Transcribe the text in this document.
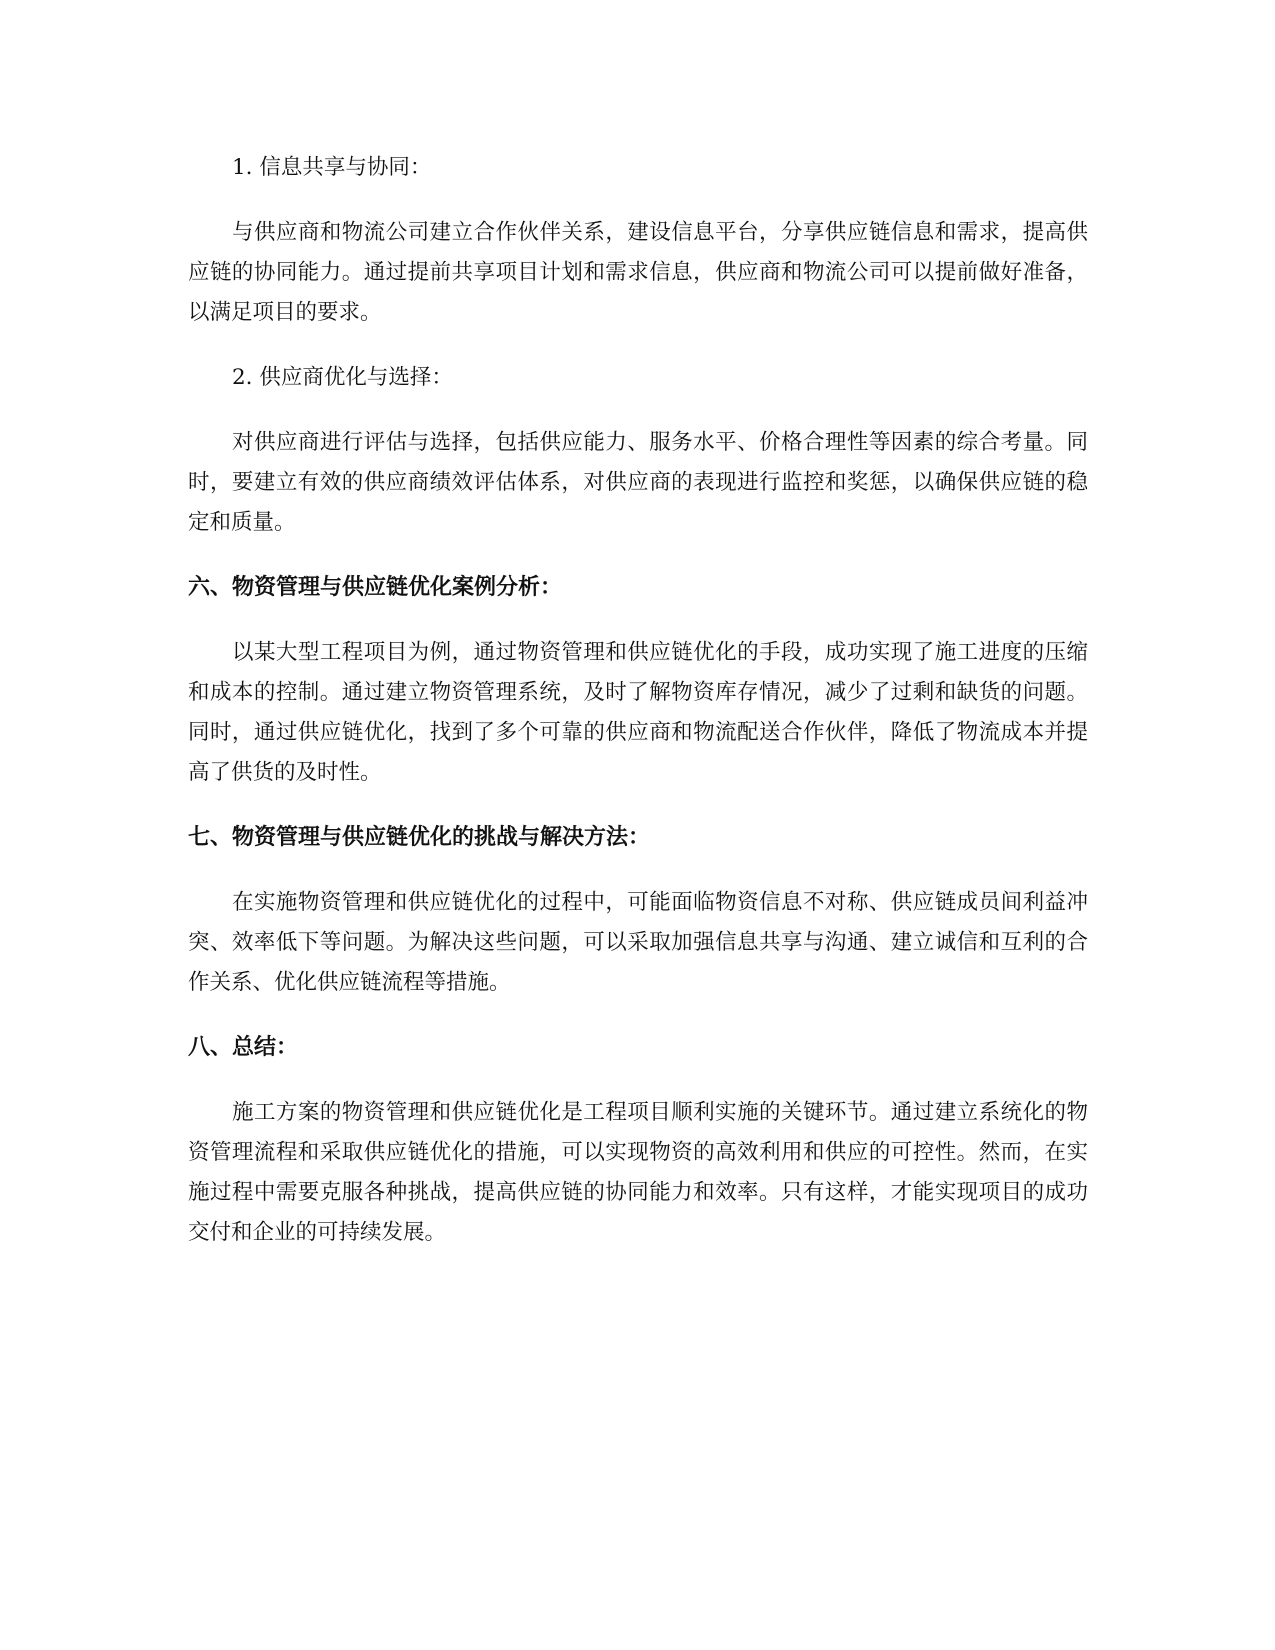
1. 信息共享与协同：

与供应商和物流公司建立合作伙伴关系，建设信息平台，分享供应链信息和需求，提高供应链的协同能力。通过提前共享项目计划和需求信息，供应商和物流公司可以提前做好准备，以满足项目的要求。

2. 供应商优化与选择：

对供应商进行评估与选择，包括供应能力、服务水平、价格合理性等因素的综合考量。同时，要建立有效的供应商绩效评估体系，对供应商的表现进行监控和奖惩，以确保供应链的稳定和质量。

六、物资管理与供应链优化案例分析：

以某大型工程项目为例，通过物资管理和供应链优化的手段，成功实现了施工进度的压缩和成本的控制。通过建立物资管理系统，及时了解物资库存情况，减少了过剩和缺货的问题。同时，通过供应链优化，找到了多个可靠的供应商和物流配送合作伙伴，降低了物流成本并提高了供货的及时性。

七、物资管理与供应链优化的挑战与解决方法：

在实施物资管理和供应链优化的过程中，可能面临物资信息不对称、供应链成员间利益冲突、效率低下等问题。为解决这些问题，可以采取加强信息共享与沟通、建立诚信和互利的合作关系、优化供应链流程等措施。

八、总结：

施工方案的物资管理和供应链优化是工程项目顺利实施的关键环节。通过建立系统化的物资管理流程和采取供应链优化的措施，可以实现物资的高效利用和供应的可控性。然而，在实施过程中需要克服各种挑战，提高供应链的协同能力和效率。只有这样，才能实现项目的成功交付和企业的可持续发展。
